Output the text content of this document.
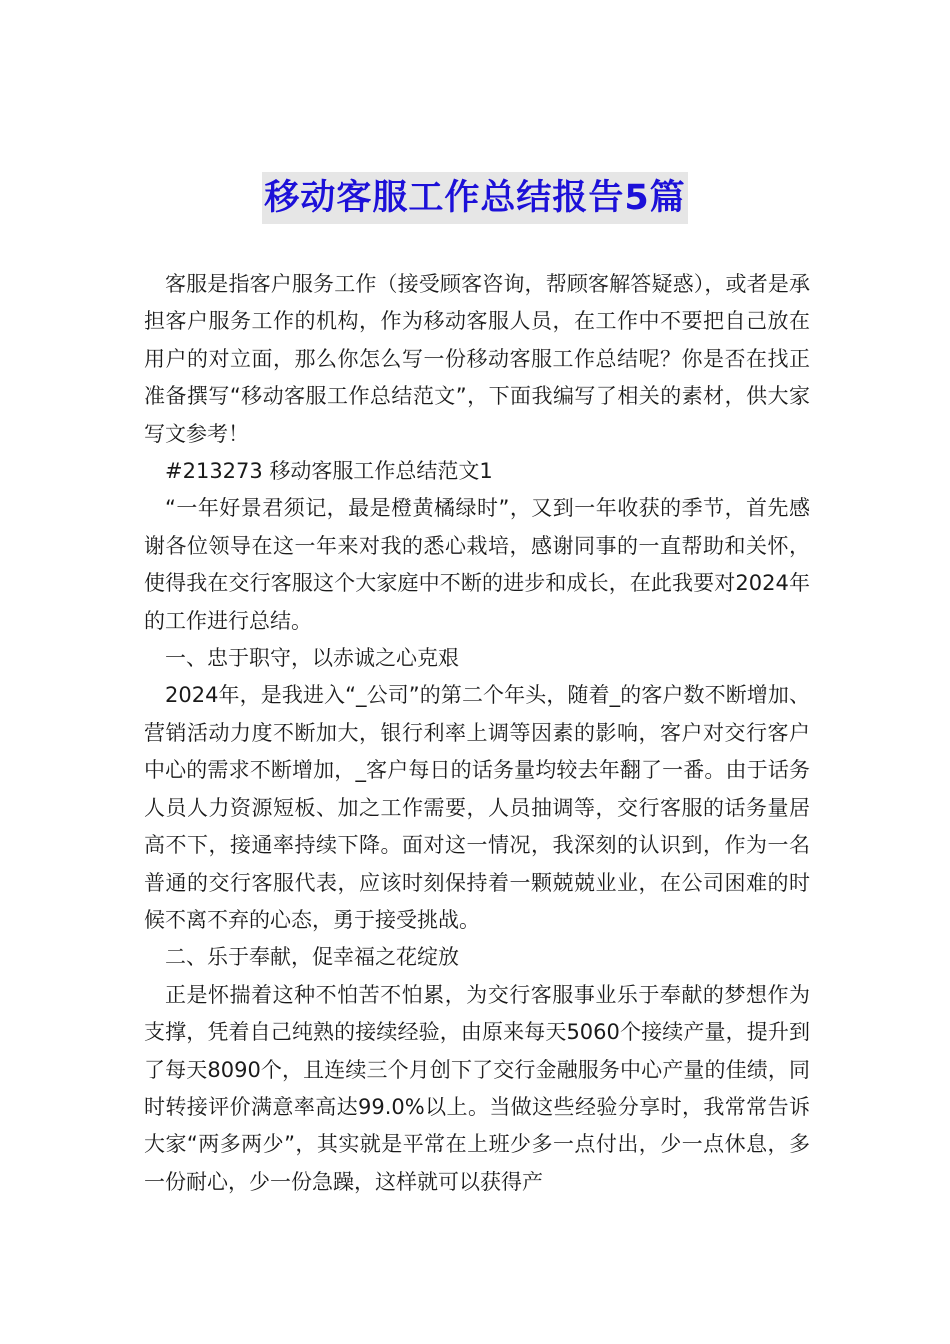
移动客服工作总结报告5篇

客服是指客户服务工作（接受顾客咨询，帮顾客解答疑惑），或者是承担客户服务工作的机构，作为移动客服人员，在工作中不要把自己放在用户的对立面，那么你怎么写一份移动客服工作总结呢？你是否在找正准备撰写“移动客服工作总结范文”，下面我编写了相关的素材，供大家写文参考！

#213273 移动客服工作总结范文1

“一年好景君须记，最是橙黄橘绿时”，又到一年收获的季节，首先感谢各位领导在这一年来对我的悉心栽培，感谢同事的一直帮助和关怀，使得我在交行客服这个大家庭中不断的进步和成长，在此我要对2024年的工作进行总结。

一、忠于职守，以赤诚之心克艰

2024年，是我进入“_公司”的第二个年头，随着_的客户数不断增加、营销活动力度不断加大，银行利率上调等因素的影响，客户对交行客户中心的需求不断增加，_客户每日的话务量均较去年翻了一番。由于话务人员人力资源短板、加之工作需要，人员抽调等，交行客服的话务量居高不下，接通率持续下降。面对这一情况，我深刻的认识到，作为一名普通的交行客服代表，应该时刻保持着一颗兢兢业业，在公司困难的时候不离不弃的心态，勇于接受挑战。

二、乐于奉献，促幸福之花绽放

正是怀揣着这种不怕苦不怕累，为交行客服事业乐于奉献的梦想作为支撑，凭着自己纯熟的接续经验，由原来每天5060个接续产量，提升到了每天8090个，且连续三个月创下了交行金融服务中心产量的佳绩，同时转接评价满意率高达99.0%以上。当做这些经验分享时，我常常告诉大家“两多两少”，其实就是平常在上班少多一点付出，少一点休息，多一份耐心，少一份急躁，这样就可以获得产
